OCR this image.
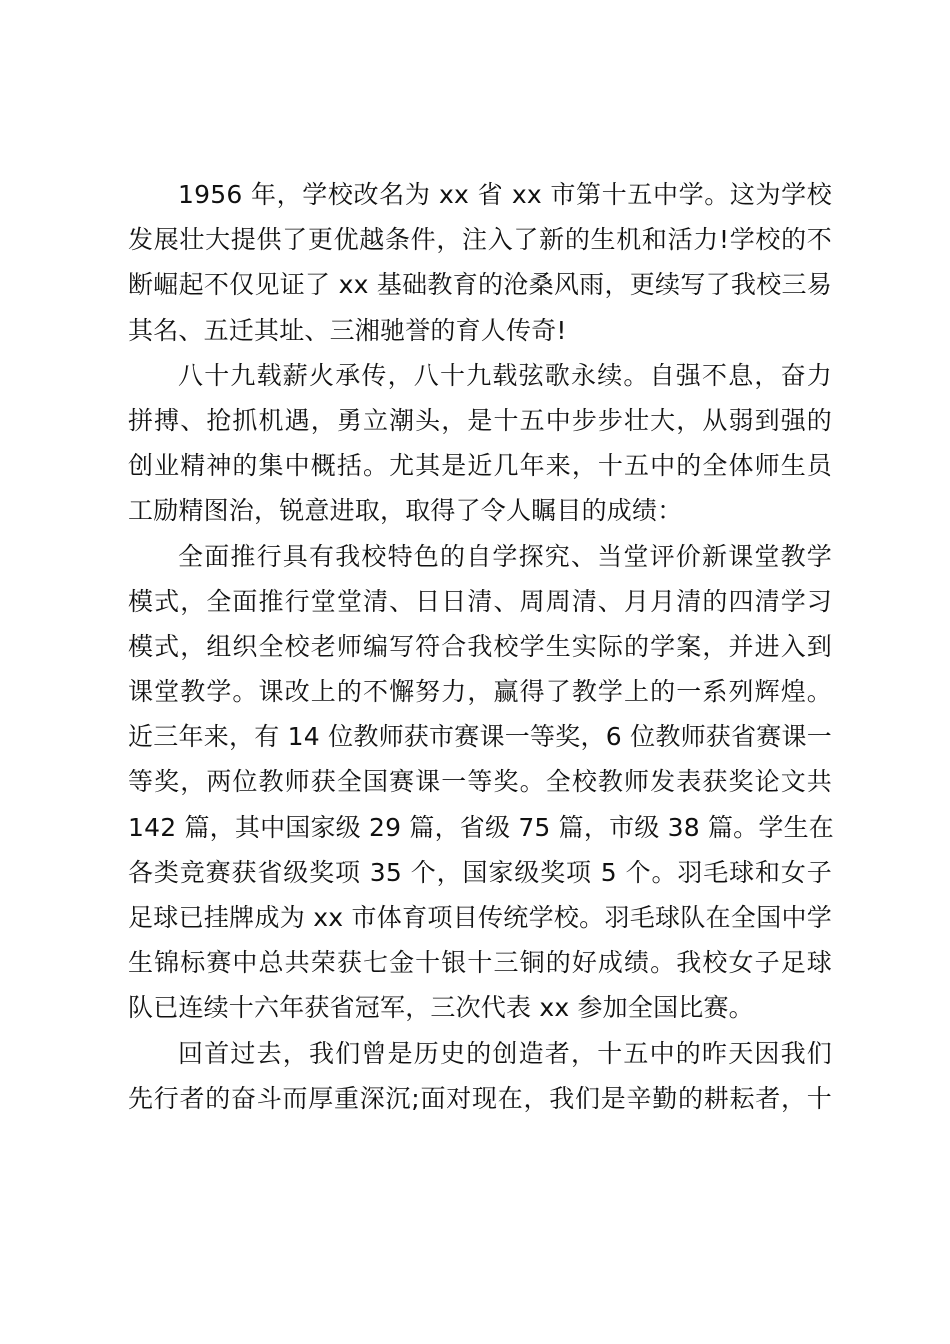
1956 年，学校改名为 xx 省 xx 市第十五中学。这为学校
发展壮大提供了更优越条件，注入了新的生机和活力!学校的不
断崛起不仅见证了 xx 基础教育的沧桑风雨，更续写了我校三易
其名、五迁其址、三湘驰誉的育人传奇!
八十九载薪火承传，八十九载弦歌永续。自强不息，奋力
拼搏、抢抓机遇，勇立潮头，是十五中步步壮大，从弱到强的
创业精神的集中概括。尤其是近几年来，十五中的全体师生员
工励精图治，锐意进取，取得了令人瞩目的成绩：
全面推行具有我校特色的自学探究、当堂评价新课堂教学
模式，全面推行堂堂清、日日清、周周清、月月清的四清学习
模式，组织全校老师编写符合我校学生实际的学案，并进入到
课堂教学。课改上的不懈努力，赢得了教学上的一系列辉煌。
近三年来，有 14 位教师获市赛课一等奖，6 位教师获省赛课一
等奖，两位教师获全国赛课一等奖。全校教师发表获奖论文共
142 篇，其中国家级 29 篇，省级 75 篇，市级 38 篇。学生在
各类竞赛获省级奖项 35 个，国家级奖项 5 个。羽毛球和女子
足球已挂牌成为 xx 市体育项目传统学校。羽毛球队在全国中学
生锦标赛中总共荣获七金十银十三铜的好成绩。我校女子足球
队已连续十六年获省冠军，三次代表 xx 参加全国比赛。
回首过去，我们曾是历史的创造者，十五中的昨天因我们
先行者的奋斗而厚重深沉;面对现在，我们是辛勤的耕耘者，十
